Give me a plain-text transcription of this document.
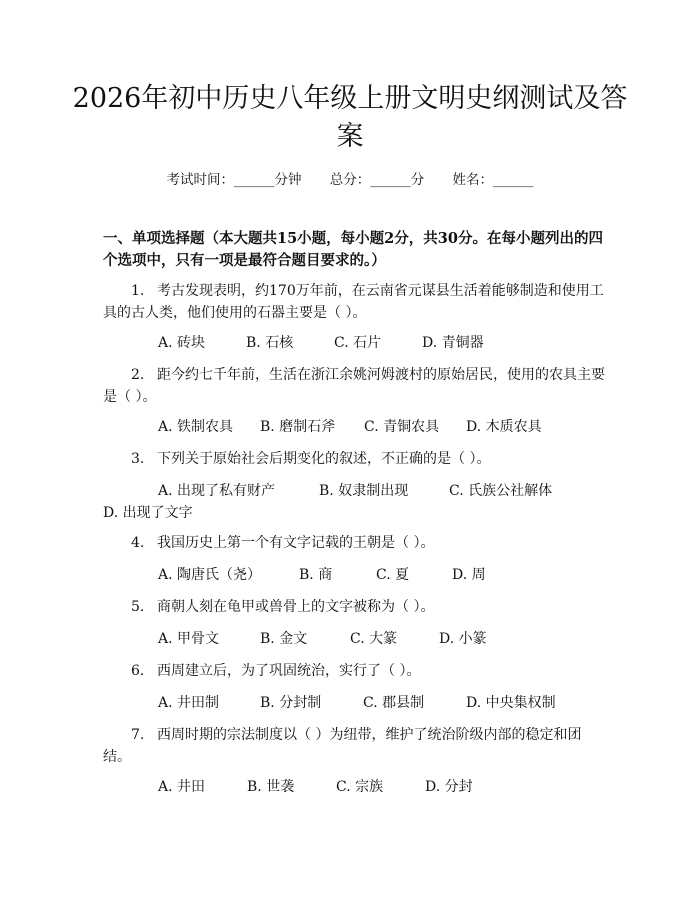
2026年初中历史八年级上册文明史纲测试及答案
考试时间：______分钟 总分：______分 姓名：______
一、单项选择题（本大题共15小题，每小题2分，共30分。在每小题列出的四个选项中，只有一项是最符合题目要求的。）
1. 考古发现表明，约170万年前，在云南省元谋县生活着能够制造和使用工具的古人类，他们使用的石器主要是（ ）。
A. 砖块	B. 石核	C. 石片	D. 青铜器
2. 距今约七千年前，生活在浙江余姚河姆渡村的原始居民，使用的农具主要是（ ）。
A. 铁制农具 B. 磨制石斧 C. 青铜农具 D. 木质农具
3. 下列关于原始社会后期变化的叙述，不正确的是（ ）。
A. 出现了私有财产	B. 奴隶制出现	C. 氏族公社解体D. 出现了文字
4. 我国历史上第一个有文字记载的王朝是（ ）。
A. 陶唐氏（尧）	B. 商	C. 夏	D. 周
5. 商朝人刻在龟甲或兽骨上的文字被称为（ ）。
A. 甲骨文	B. 金文	C. 大篆	D. 小篆
6. 西周建立后，为了巩固统治，实行了（ ）。
A. 井田制	B. 分封制	C. 郡县制	D. 中央集权制
7. 西周时期的宗法制度以（ ）为纽带，维护了统治阶级内部的稳定和团结。
A. 井田	B. 世袭	C. 宗族	D. 分封
